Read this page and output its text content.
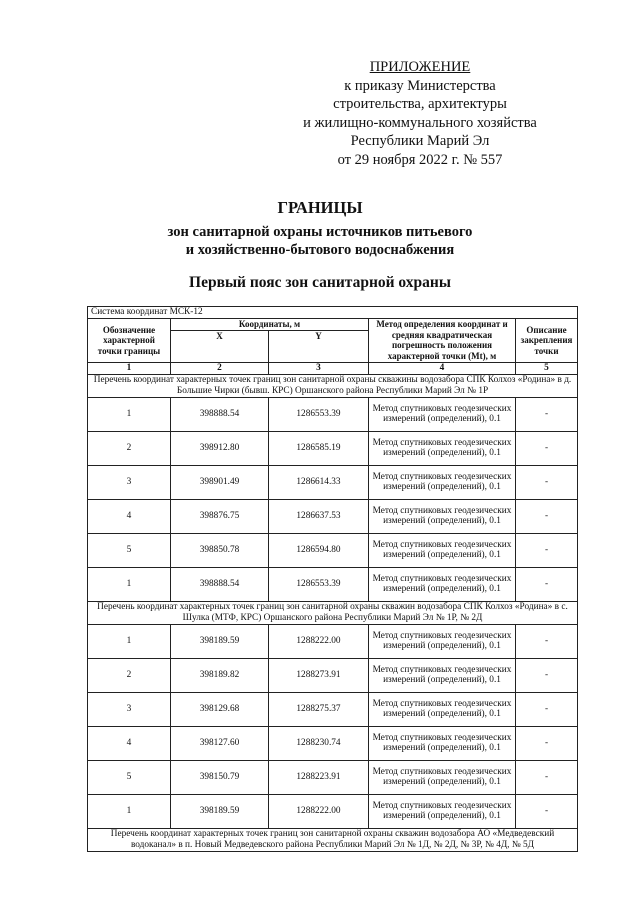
ПРИЛОЖЕНИЕ
к приказу Министерства
строительства, архитектуры
и жилищно-коммунального хозяйства
Республики Марий Эл
от 29 ноября 2022 г. № 557
ГРАНИЦЫ
зон санитарной охраны источников питьевого
и хозяйственно-бытового водоснабжения
Первый пояс зон санитарной охраны
Система координат МСК-12				
Обозначение характерной точки границы	Координаты, м		Метод определения координат и средняя квадратическая погрешность положения характерной точки (Mt), м	Описание закрепления точки
	X	Y		
1	2	3	4	5
Перечень координат характерных точек границ зон санитарной охраны скважины водозабора СПК Колхоз «Родина» в д. Большие Чирки (бывш. КРС) Оршанского района Республики Марий Эл № 1Р				
1	398888.54	1286553.39	Метод спутниковых геодезических измерений (определений), 0.1	-
2	398912.80	1286585.19	Метод спутниковых геодезических измерений (определений), 0.1	-
3	398901.49	1286614.33	Метод спутниковых геодезических измерений (определений), 0.1	-
4	398876.75	1286637.53	Метод спутниковых геодезических измерений (определений), 0.1	-
5	398850.78	1286594.80	Метод спутниковых геодезических измерений (определений), 0.1	-
1	398888.54	1286553.39	Метод спутниковых геодезических измерений (определений), 0.1	-
Перечень координат характерных точек границ зон санитарной охраны скважин водозабора СПК Колхоз «Родина» в с. Шулка (МТФ, КРС) Оршанского района Республики Марий Эл № 1Р, № 2Д				
1	398189.59	1288222.00	Метод спутниковых геодезических измерений (определений), 0.1	-
2	398189.82	1288273.91	Метод спутниковых геодезических измерений (определений), 0.1	-
3	398129.68	1288275.37	Метод спутниковых геодезических измерений (определений), 0.1	-
4	398127.60	1288230.74	Метод спутниковых геодезических измерений (определений), 0.1	-
5	398150.79	1288223.91	Метод спутниковых геодезических измерений (определений), 0.1	-
1	398189.59	1288222.00	Метод спутниковых геодезических измерений (определений), 0.1	-
Перечень координат характерных точек границ зон санитарной охраны скважин водозабора АО «Медведевский водоканал» в п. Новый Медведевского района Республики Марий Эл № 1Д, № 2Д, № 3Р, № 4Д, № 5Д				
